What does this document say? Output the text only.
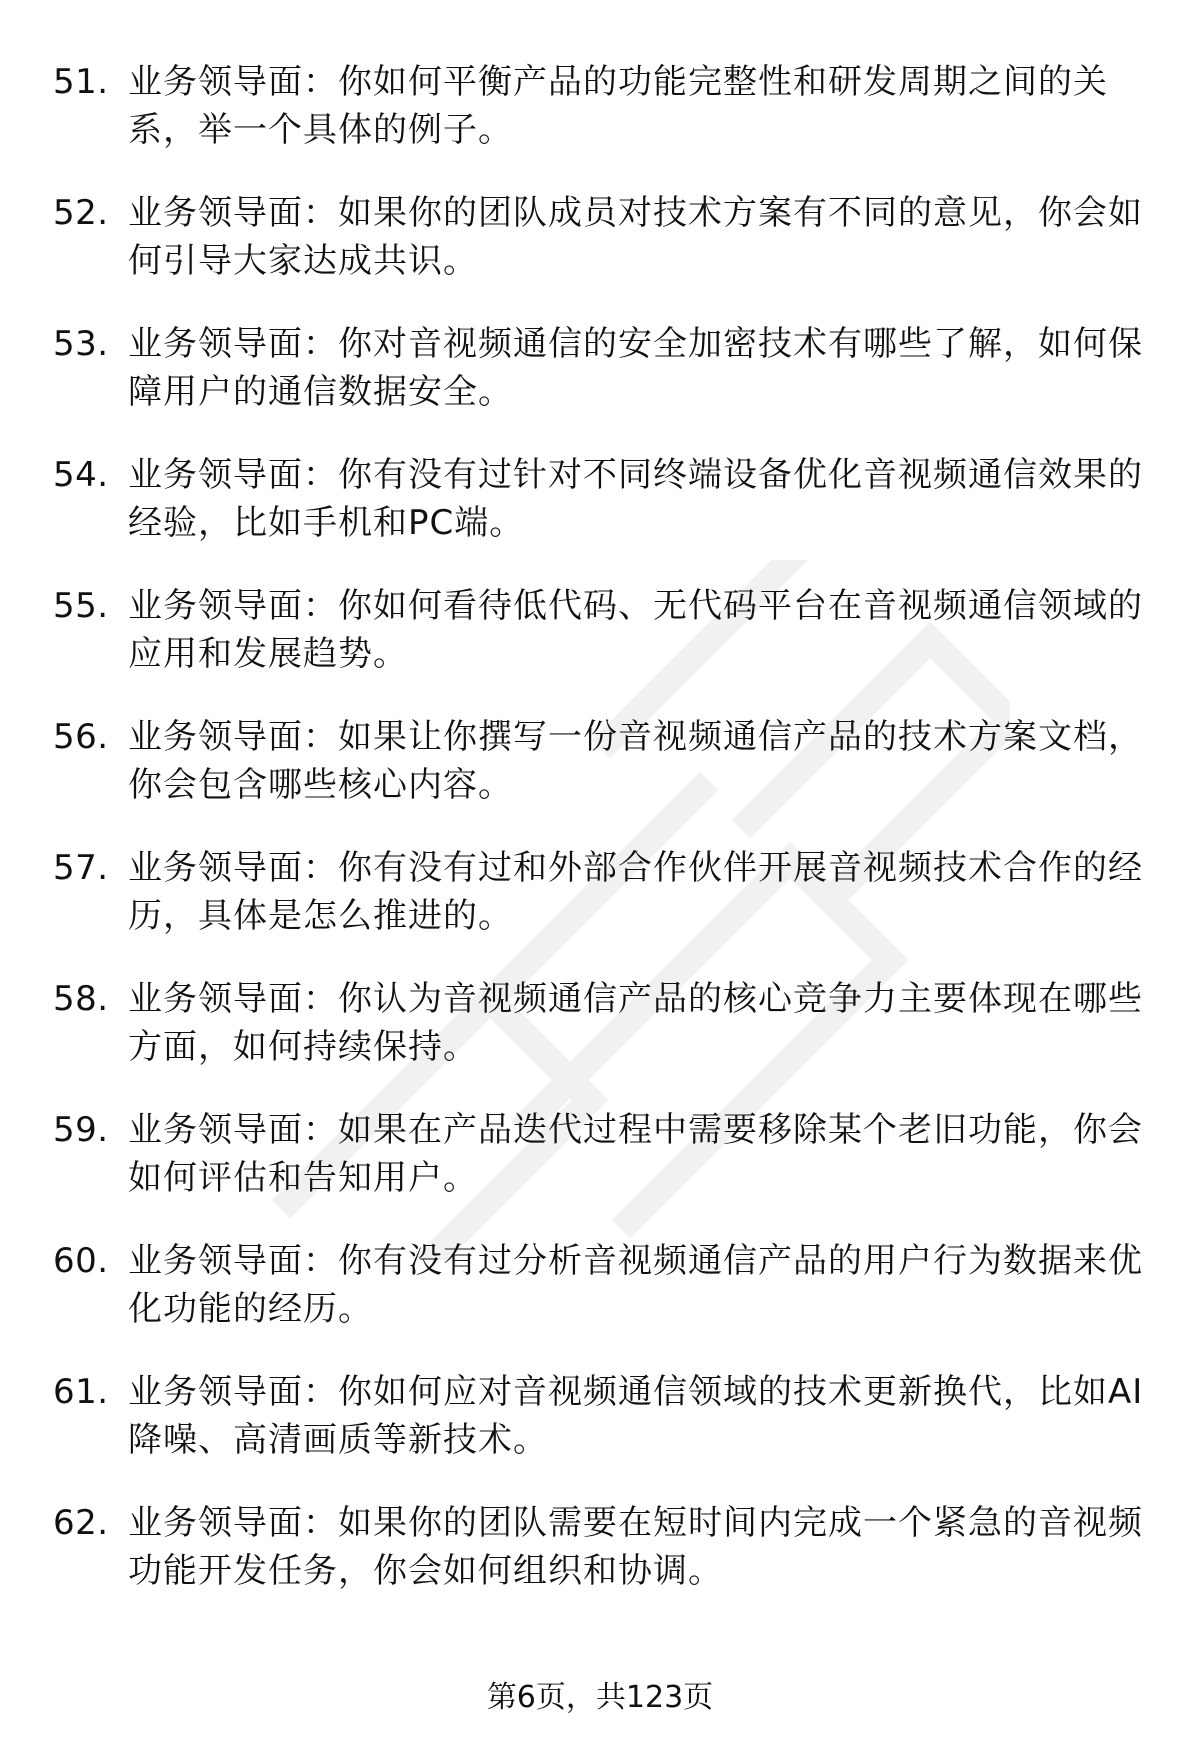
51. 业务领导面：你如何平衡产品的功能完整性和研发周期之间的关系，举一个具体的例子。
52. 业务领导面：如果你的团队成员对技术方案有不同的意见，你会如何引导大家达成共识。
53. 业务领导面：你对音视频通信的安全加密技术有哪些了解，如何保障用户的通信数据安全。
54. 业务领导面：你有没有过针对不同终端设备优化音视频通信效果的经验，比如手机和PC端。
55. 业务领导面：你如何看待低代码、无代码平台在音视频通信领域的应用和发展趋势。
56. 业务领导面：如果让你撰写一份音视频通信产品的技术方案文档，你会包含哪些核心内容。
57. 业务领导面：你有没有过和外部合作伙伴开展音视频技术合作的经历，具体是怎么推进的。
58. 业务领导面：你认为音视频通信产品的核心竞争力主要体现在哪些方面，如何持续保持。
59. 业务领导面：如果在产品迭代过程中需要移除某个老旧功能，你会如何评估和告知用户。
60. 业务领导面：你有没有过分析音视频通信产品的用户行为数据来优化功能的经历。
61. 业务领导面：你如何应对音视频通信领域的技术更新换代，比如AI降噪、高清画质等新技术。
62. 业务领导面：如果你的团队需要在短时间内完成一个紧急的音视频功能开发任务，你会如何组织和协调。
第6页，共123页
